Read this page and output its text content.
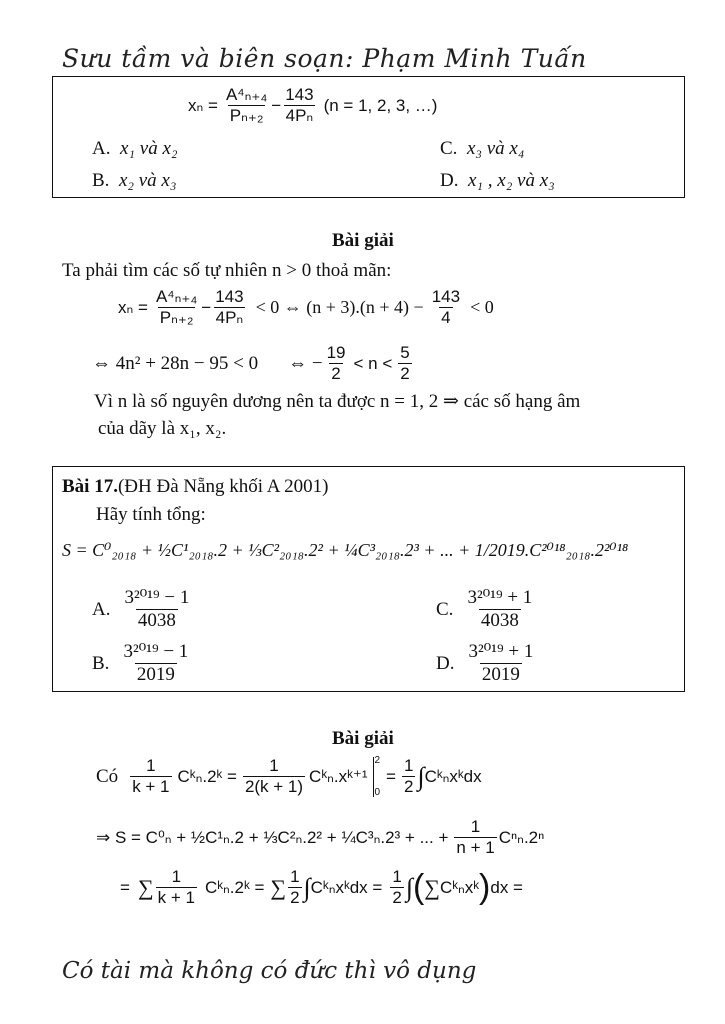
Sưu tầm và biên soạn: Phạm Minh Tuấn
$x_n = \frac{\text{A⁴ₙ₊₄}}{\text{Pₙ₊₂}} - \frac{143}{\text{4Pₙ}} (n = 1$, 2, 3, …)
A. x₁ và x₂	C. x₃ và x₄
B. x₂ và x₃	D. x₁ , x₂ và x₃
Bài giải
Ta phải tìm các số tự nhiên n > 0 thoả mãn:
$x_n = \frac{\text{A⁴ₙ₊₄}}{\text{Pₙ₊₂}} - \frac{143}{\text{4Pₙ}} < 0$ ⇔ $(n + 3).(n + 4) - \frac{143}{4} < 0$
⇔ 4n² + 28n − 95 < 0 ⇔ − $\frac{19}{2} < n < \frac{5}{2}$
Vì n là số nguyên dương nên ta được n = 1, 2 ⇒ các số hạng âm
của dãy là x₁, x₂.
Bài 17.(ĐH Đà Nẵng khối A 2001)
Hãy tính tổng:
S = C⁰₂₀₁₈ + ½C¹₂₀₁₈.2 + ⅓C²₂₀₁₈.2² + ¼C³₂₀₁₈.2³ + ... + 1/2019.C²⁰¹⁸₂₀₁₈.2²⁰¹⁸
A. $\frac{\text{3²⁰¹⁹ − 1}}{4038}$	C. $\frac{\text{3²⁰¹⁹ + 1}}{4038}$
B. $\frac{\text{3²⁰¹⁹ − 1}}{2019}$	D. $\frac{\text{3²⁰¹⁹ + 1}}{2019}$
Bài giải
Có $\frac{1}{k + 1}$ Cᵏₙ.2ᵏ = $\frac{1}{2(k + 1)}$ Cᵏₙ.xᵏ⁺¹
2
0
= $\frac{1}{2}$ ∫ Cᵏₙxᵏdx
⇒ S = C⁰ₙ + ½C¹ₙ.2 + ⅓C²ₙ.2² + ¼C³ₙ.2³ + ... + $\frac{1}{n + 1} C^n_n.2^n$
= ∑ $\frac{1}{k + 1}$ Cᵏₙ.2ᵏ = ∑ $\frac{1}{2}$ ∫ Cᵏₙxᵏdx = $\frac{1}{2}$ ∫ ( ∑ Cᵏₙxᵏ ) dx =
Có tài mà không có đức thì vô dụng
